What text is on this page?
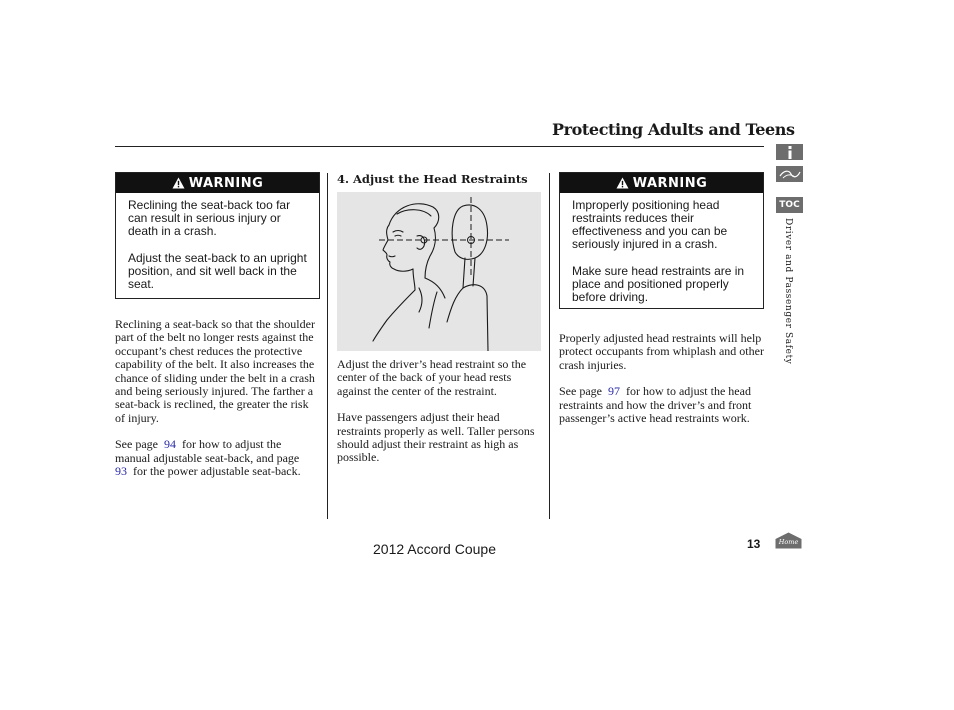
Protecting Adults and Teens
WARNING

Reclining the seat-back too far can result in serious injury or death in a crash.

Adjust the seat-back to an upright position, and sit well back in the seat.

Reclining a seat-back so that the shoulder part of the belt no longer rests against the occupant’s chest reduces the protective capability of the belt. It also increases the chance of sliding under the belt in a crash and being seriously injured. The farther a seat-back is reclined, the greater the risk of injury.

See page 94 for how to adjust the manual adjustable seat-back, and page  93 for the power adjustable seat-back.

4. Adjust the Head Restraints

Adjust the driver’s head restraint so the center of the back of your head rests against the center of the restraint.

Have passengers adjust their head restraints properly as well. Taller persons should adjust their restraint as high as possible.

WARNING

Improperly positioning head restraints reduces their effectiveness and you can be seriously injured in a crash.

Make sure head restraints are in place and positioned properly before driving.

Properly adjusted head restraints will help protect occupants from whiplash and other crash injuries.

See page 97 for how to adjust the head restraints and how the driver’s and front passenger’s active head restraints work.

TOC
Driver and Passenger Safety
2012 Accord Coupe	13	Home
